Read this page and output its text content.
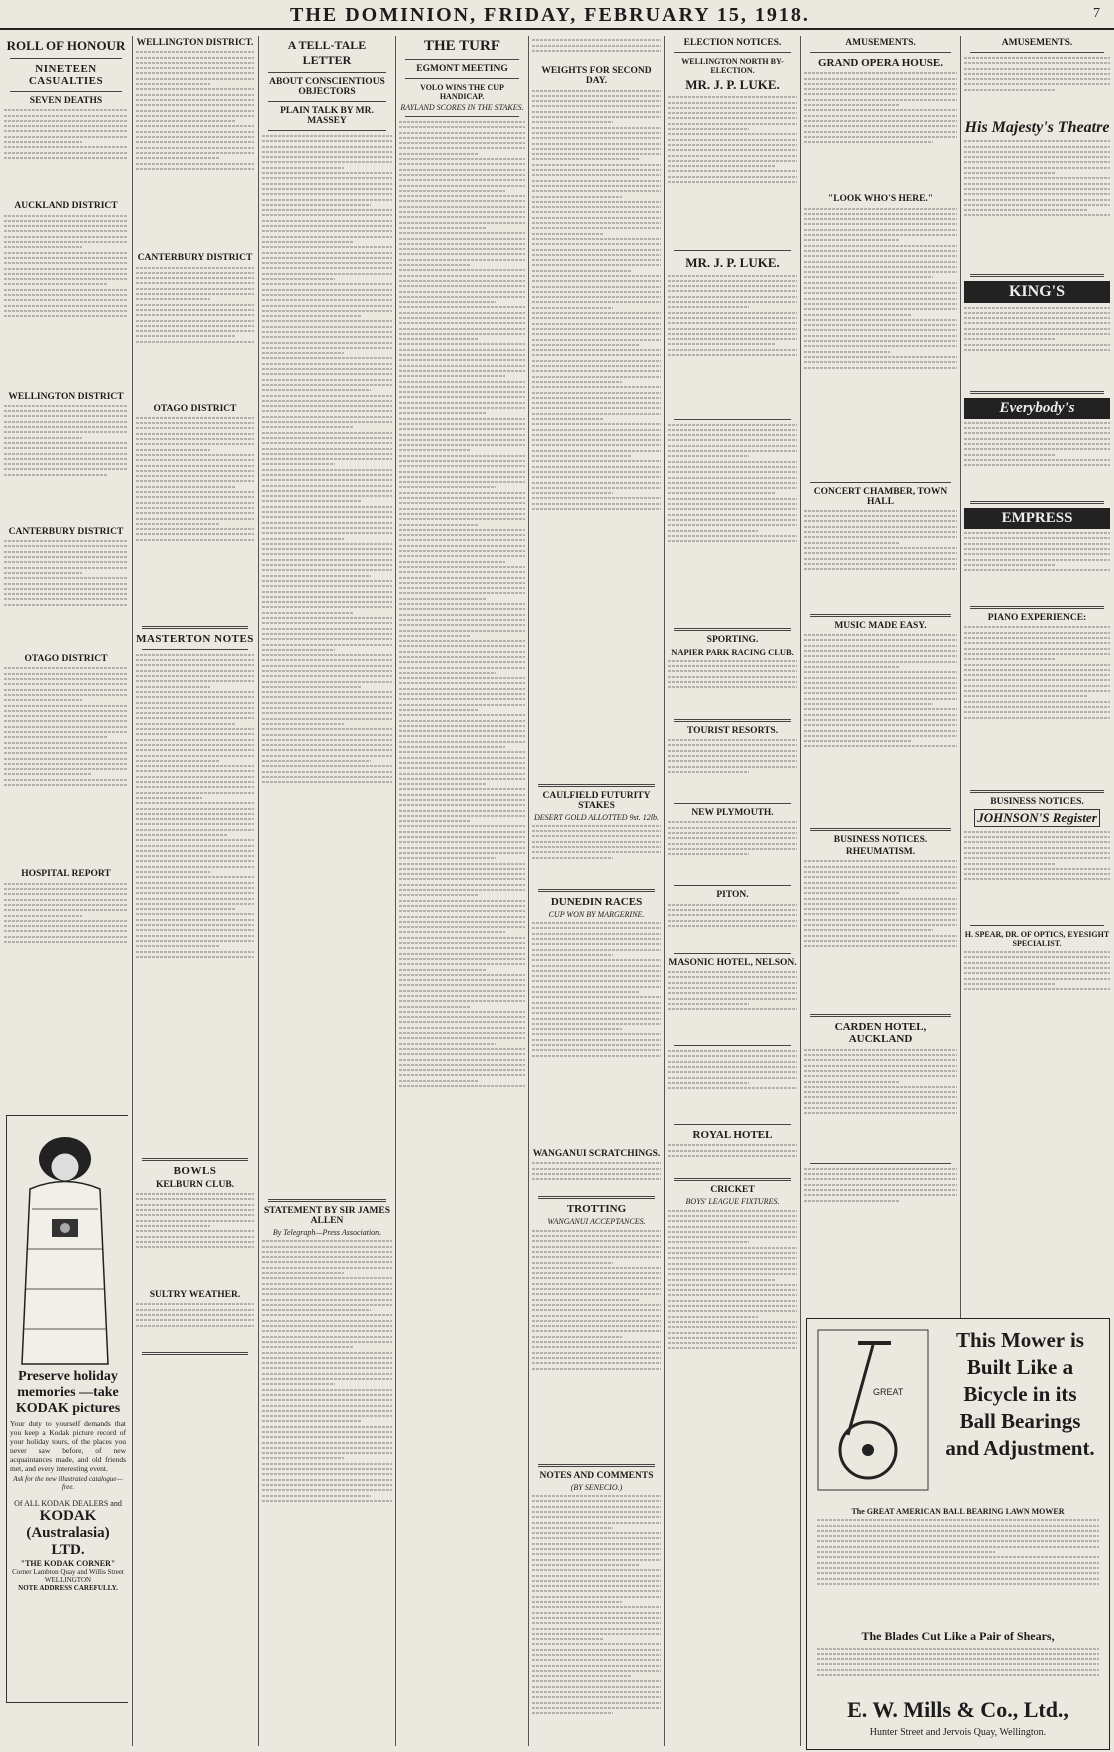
THE DOMINION, FRIDAY, FEBRUARY 15, 1918.	7
ROLL OF HONOUR
NINETEEN CASUALTIES
SEVEN DEATHS
AUCKLAND DISTRICT
WELLINGTON DISTRICT
CANTERBURY DISTRICT
OTAGO DISTRICT
HOSPITAL REPORT
Preserve holiday memories —take KODAK pictures
Your duty to yourself demands that you keep a Kodak picture record of your holiday tours, of the places you never saw before, of new acquaintances made, and old friends met, and every interesting event.
Ask for the new illustrated catalogue—free.
Of ALL KODAK DEALERS and
KODAK (Australasia) LTD.
"THE KODAK CORNER"
Corner Lambton Quay and Willis Street
WELLINGTON
NOTE ADDRESS CAREFULLY.
WELLINGTON DISTRICT.
CANTERBURY DISTRICT
OTAGO DISTRICT
MASTERTON NOTES
BOWLS
KELBURN CLUB.
SULTRY WEATHER.
A TELL-TALE LETTER
ABOUT CONSCIENTIOUS OBJECTORS
PLAIN TALK BY MR. MASSEY
STATEMENT BY SIR JAMES ALLEN
By Telegraph—Press Association.
THE TURF
EGMONT MEETING
VOLO WINS THE CUP HANDICAP.
RAYLAND SCORES IN THE STAKES.
WEIGHTS FOR SECOND DAY.
CAULFIELD FUTURITY STAKES
DESERT GOLD ALLOTTED 9st. 12lb.
DUNEDIN RACES
CUP WON BY MARGERINE.
WANGANUI SCRATCHINGS.
TROTTING
WANGANUI ACCEPTANCES.
NOTES AND COMMENTS
(BY SENECIO.)
ELECTION NOTICES.
WELLINGTON NORTH BY-ELECTION.
MR. J. P. LUKE.
MR. J. P. LUKE.
SPORTING.
NAPIER PARK RACING CLUB.
TOURIST RESORTS.
NEW PLYMOUTH.
PITON.
MASONIC HOTEL, NELSON.
ROYAL HOTEL
CRICKET
BOYS' LEAGUE FIXTURES.
AMUSEMENTS.
GRAND OPERA HOUSE.
"LOOK WHO'S HERE."
CONCERT CHAMBER, TOWN HALL
MUSIC MADE EASY.
BUSINESS NOTICES.
RHEUMATISM.
CARDEN HOTEL, AUCKLAND
AMUSEMENTS.
His Majesty's Theatre
KING'S
Everybody's
EMPRESS
PIANO EXPERIENCE:
BUSINESS NOTICES.
JOHNSON'S Register
H. SPEAR, DR. OF OPTICS, EYESIGHT SPECIALIST.
GREAT
This Mower is
Built Like a
Bicycle in its
Ball Bearings
and Adjustment.
The GREAT AMERICAN BALL BEARING LAWN MOWER
The Blades Cut Like a Pair of Shears,
E. W. Mills & Co., Ltd.,
Hunter Street and Jervois Quay, Wellington.
